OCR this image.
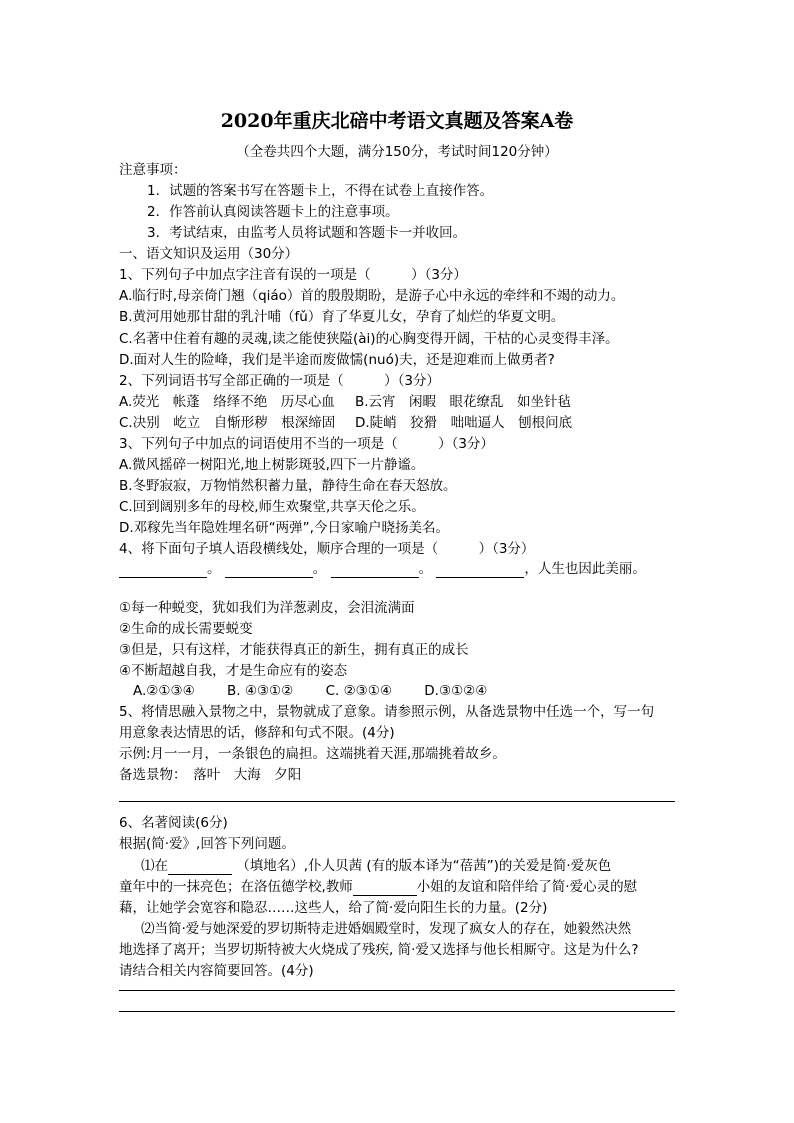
2020年重庆北碚中考语文真题及答案A卷
（全卷共四个大题，满分150分，考试时间120分钟）
注意事项：
1．试题的答案书写在答题卡上，不得在试卷上直接作答。
2．作答前认真阅读答题卡上的注意事项。
3．考试结束，由监考人员将试题和答题卡一并收回。
一、语文知识及运用（30分）
1、下列句子中加点字注音有误的一项是（　　　）（3分）
A.临行时,母亲倚门翘（qiáo）首的殷殷期盼，是游子心中永远的牵绊和不竭的动力。
B.黄河用她那甘甜的乳汁哺（fǔ）育了华夏儿女，孕育了灿烂的华夏文明。
C.名著中住着有趣的灵魂,读之能使狭隘(ài)的心胸变得开阔，干枯的心灵变得丰泽。
D.面对人生的险峰，我们是半途而废做懦(nuó)夫，还是迎难而上做勇者?
2、下列词语书写全部正确的一项是（　　　）（3分）
A.荧光　帐蓬　络绎不绝　历尽心血 B.云宵　闲暇　眼花缭乱　如坐针毡
C.决别　屹立　自惭形秽　根深缔固 D.陡峭　狡猾　咄咄逼人　刨根问底
3、下列句子中加点的词语使用不当的一项是（　　　）（3分）
A.微风摇碎一树阳光,地上树影斑驳,四下一片静谧。
B.冬野寂寂，万物悄然积蓄力量，静待生命在春天怒放。
C.回到阔别多年的母校,师生欢聚堂,共享天伦之乐。
D.邓稼先当年隐姓埋名研“两弹”,今日家喻户晓扬美名。
4、将下面句子填人语段横线处，顺序合理的一项是（　　　）（3分）
。	。	。	，人生也因此美丽。
①每一种蜕变，犹如我们为洋葱剥皮，会泪流满面
②生命的成长需要蜕变
③但是，只有这样，才能获得真正的新生，拥有真正的成长
④不断超越自我，才是生命应有的姿态
A.②①③④ B. ④③①② C. ②③①④ D.③①②④
5、将情思融入景物之中，景物就成了意象。请参照示例，从备选景物中任选一个，写一句
用意象表达情思的话，修辞和句式不限。(4分)
示例:月一一月，一条银色的扁担。这端挑着天涯,那端挑着故乡。
备选景物：　落叶　大海　夕阳
6、名著阅读(6分)
根据(简·爱》,回答下列问题。
⑴在	（填地名）,仆人贝茜 (有的版本译为“蓓茜”)的关爱是简·爱灰色
童年中的一抹亮色；在洛伍德学校,教师	小姐的友谊和陪伴给了简·爱心灵的慰
藉，让她学会宽容和隐忍……这些人，给了简·爱向阳生长的力量。(2分)
⑵当简·爱与她深爱的罗切斯特走进婚姻殿堂时，发现了疯女人的存在，她毅然决然
地选择了离开；当罗切斯特被大火烧成了残疾, 简·爱又选择与他长相厮守。这是为什么?
请结合相关内容简要回答。(4分)
